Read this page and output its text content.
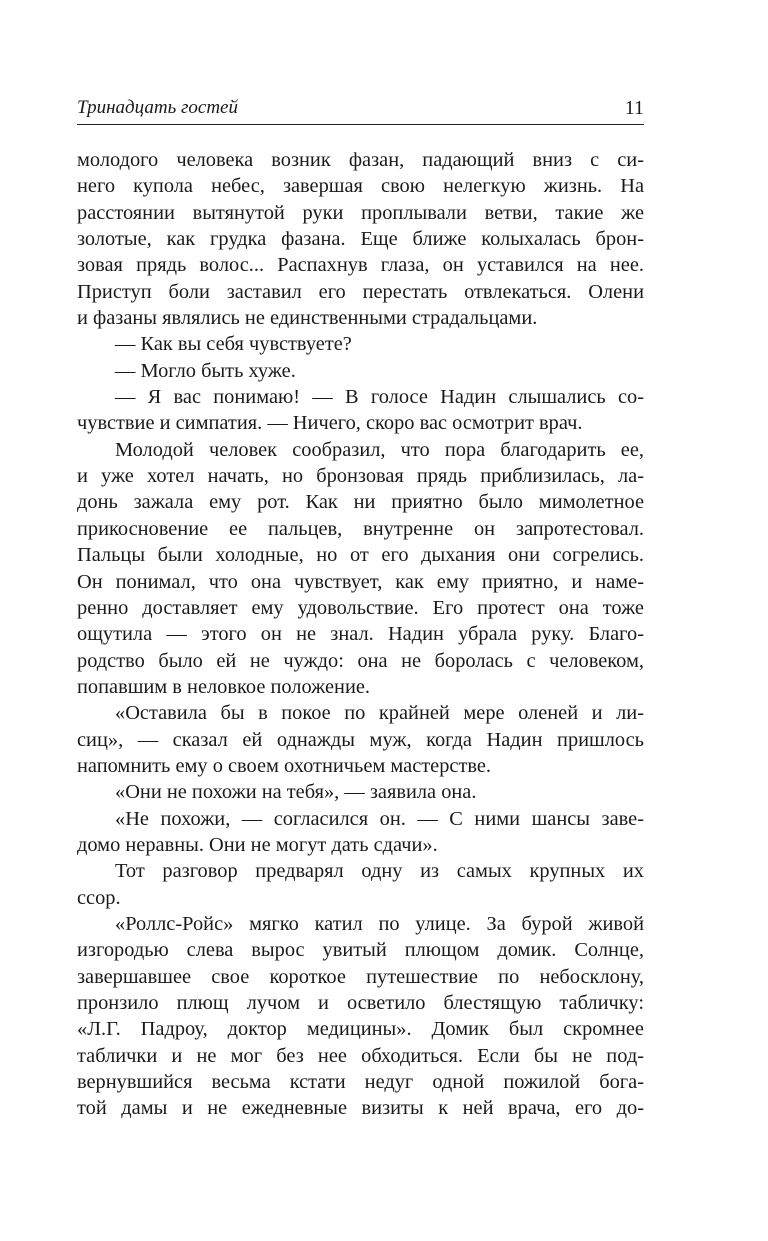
Тринадцать гостей	11
молодого человека возник фазан, падающий вниз с си-
него купола небес, завершая свою нелегкую жизнь. На
расстоянии вытянутой руки проплывали ветви, такие же
золотые, как грудка фазана. Еще ближе колыхалась брон-
зовая прядь волос... Распахнув глаза, он уставился на нее.
Приступ боли заставил его перестать отвлекаться. Олени
и фазаны являлись не единственными страдальцами.
— Как вы себя чувствуете?
— Могло быть хуже.
— Я вас понимаю! — В голосе Надин слышались со-
чувствие и симпатия. — Ничего, скоро вас осмотрит врач.
Молодой человек сообразил, что пора благодарить ее,
и уже хотел начать, но бронзовая прядь приблизилась, ла-
донь зажала ему рот. Как ни приятно было мимолетное
прикосновение ее пальцев, внутренне он запротестовал.
Пальцы были холодные, но от его дыхания они согрелись.
Он понимал, что она чувствует, как ему приятно, и наме-
ренно доставляет ему удовольствие. Его протест она тоже
ощутила — этого он не знал. Надин убрала руку. Благо-
родство было ей не чуждо: она не боролась с человеком,
попавшим в неловкое положение.
«Оставила бы в покое по крайней мере оленей и ли-
сиц», — сказал ей однажды муж, когда Надин пришлось
напомнить ему о своем охотничьем мастерстве.
«Они не похожи на тебя», — заявила она.
«Не похожи, — согласился он. — С ними шансы заве-
домо неравны. Они не могут дать сдачи».
Тот разговор предварял одну из самых крупных их
ссор.
«Роллс-Ройс» мягко катил по улице. За бурой живой
изгородью слева вырос увитый плющом домик. Солнце,
завершавшее свое короткое путешествие по небосклону,
пронзило плющ лучом и осветило блестящую табличку:
«Л.Г. Падроу, доктор медицины». Домик был скромнее
таблички и не мог без нее обходиться. Если бы не под-
вернувшийся весьма кстати недуг одной пожилой бога-
той дамы и не ежедневные визиты к ней врача, его до-
